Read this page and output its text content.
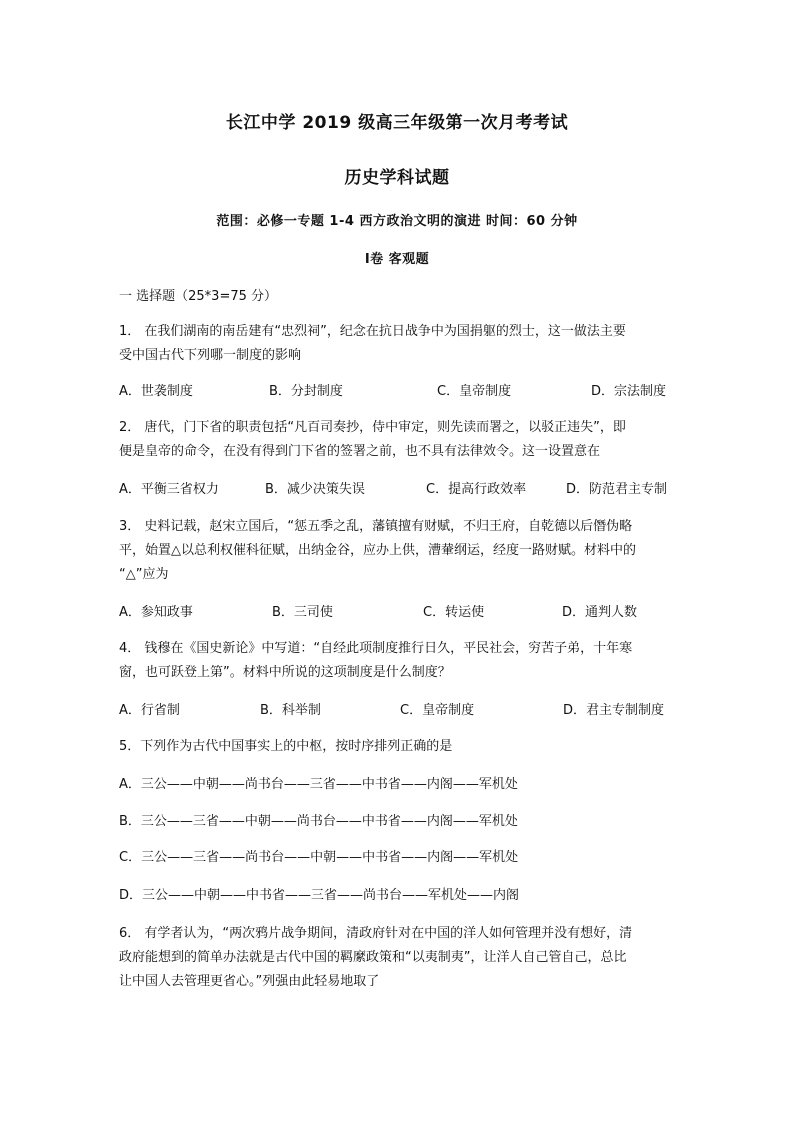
长江中学 2019 级高三年级第一次月考考试
历史学科试题
范围：必修一专题 1-4 西方政治文明的演进 时间：60 分钟
Ⅰ卷 客观题
一 选择题（25*3=75 分）
1． 在我们湖南的南岳建有“忠烈祠”，纪念在抗日战争中为国捐躯的烈士，这一做法主要
受中国古代下列哪一制度的影响
A．世袭制度	B．分封制度	C．皇帝制度	D．宗法制度
2． 唐代，门下省的职责包括“凡百司奏抄，侍中审定，则先读而署之，以驳正违失”，即
便是皇帝的命令，在没有得到门下省的签署之前，也不具有法律效令。这一设置意在
A．平衡三省权力	B．减少决策失误	C．提高行政效率	D．防范君主专制
3． 史料记载，赵宋立国后，“惩五季之乱，藩镇擅有财赋，不归王府，自乾德以后僭伪略
平，始置△以总利权催科征赋，出纳金谷，应办上供，漕輂纲运，经度一路财赋。材料中的
“△”应为
A．参知政事	B．三司使	C．转运使	D．通判人数
4． 钱穆在《国史新论》中写道：“自经此项制度推行日久，平民社会，穷苦子弟，十年寒
窗，也可跃登上第”。材料中所说的这项制度是什么制度？
A．行省制	B．科举制	C．皇帝制度	D．君主专制制度
5．下列作为古代中国事实上的中枢，按时序排列正确的是
A．三公——中朝——尚书台——三省——中书省——内阁——军机处
B．三公——三省——中朝——尚书台——中书省——内阁——军机处
C．三公——三省——尚书台——中朝——中书省——内阁——军机处
D．三公——中朝——中书省——三省——尚书台——军机处——内阁
6． 有学者认为，“两次鸦片战争期间，清政府针对在中国的洋人如何管理并没有想好，清
政府能想到的简单办法就是古代中国的羁縻政策和“以夷制夷”，让洋人自己管自己，总比
让中国人去管理更省心。”列强由此轻易地取了
